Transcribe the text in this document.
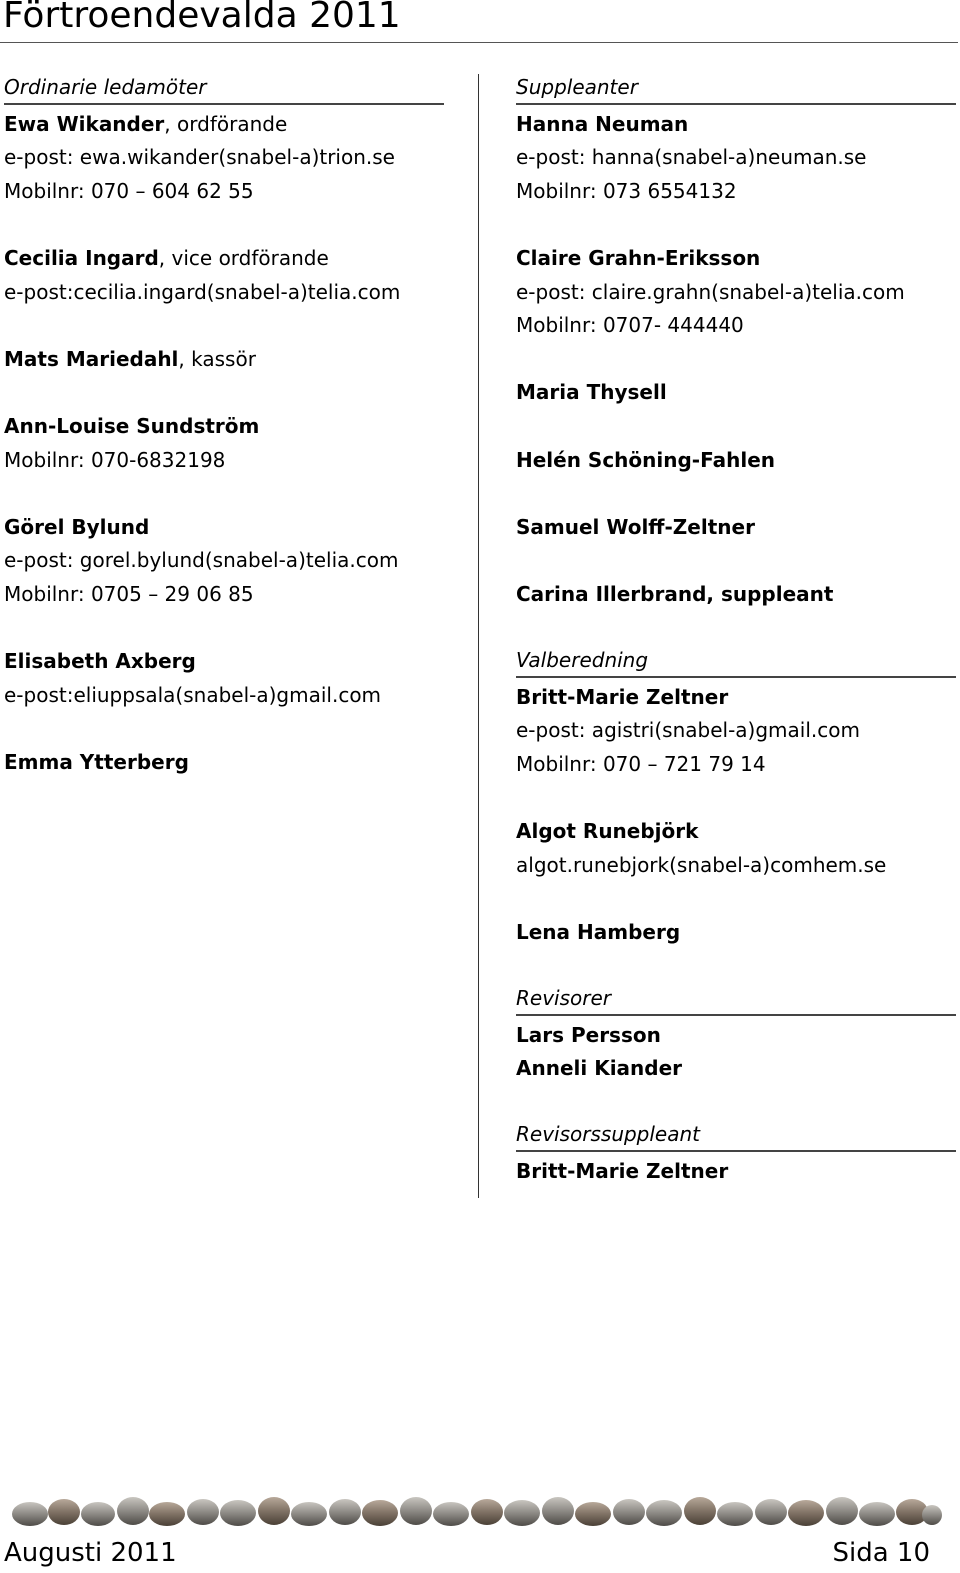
Förtroendevalda 2011
Ordinarie ledamöter
Ewa Wikander, ordförande
e-post: ewa.wikander(snabel-a)trion.se
Mobilnr: 070 – 604 62 55
Cecilia Ingard, vice ordförande
e-post:cecilia.ingard(snabel-a)telia.com
Mats Mariedahl, kassör
Ann-Louise Sundström
Mobilnr: 070-6832198
Görel Bylund
e-post: gorel.bylund(snabel-a)telia.com
Mobilnr: 0705 – 29 06 85
Elisabeth Axberg
e-post:eliuppsala(snabel-a)gmail.com
Emma Ytterberg
Suppleanter
Hanna Neuman
e-post: hanna(snabel-a)neuman.se
Mobilnr: 073 6554132
Claire Grahn-Eriksson
e-post: claire.grahn(snabel-a)telia.com
Mobilnr: 0707- 444440
Maria Thysell
Helén Schöning-Fahlen
Samuel Wolff-Zeltner
Carina Illerbrand, suppleant
Valberedning
Britt-Marie Zeltner
e-post: agistri(snabel-a)gmail.com
Mobilnr: 070 – 721 79 14
Algot Runebjörk
algot.runebjork(snabel-a)comhem.se
Lena Hamberg
Revisorer
Lars Persson
Anneli Kiander
Revisorssuppleant
Britt-Marie Zeltner
Augusti 2011	Sida 10
